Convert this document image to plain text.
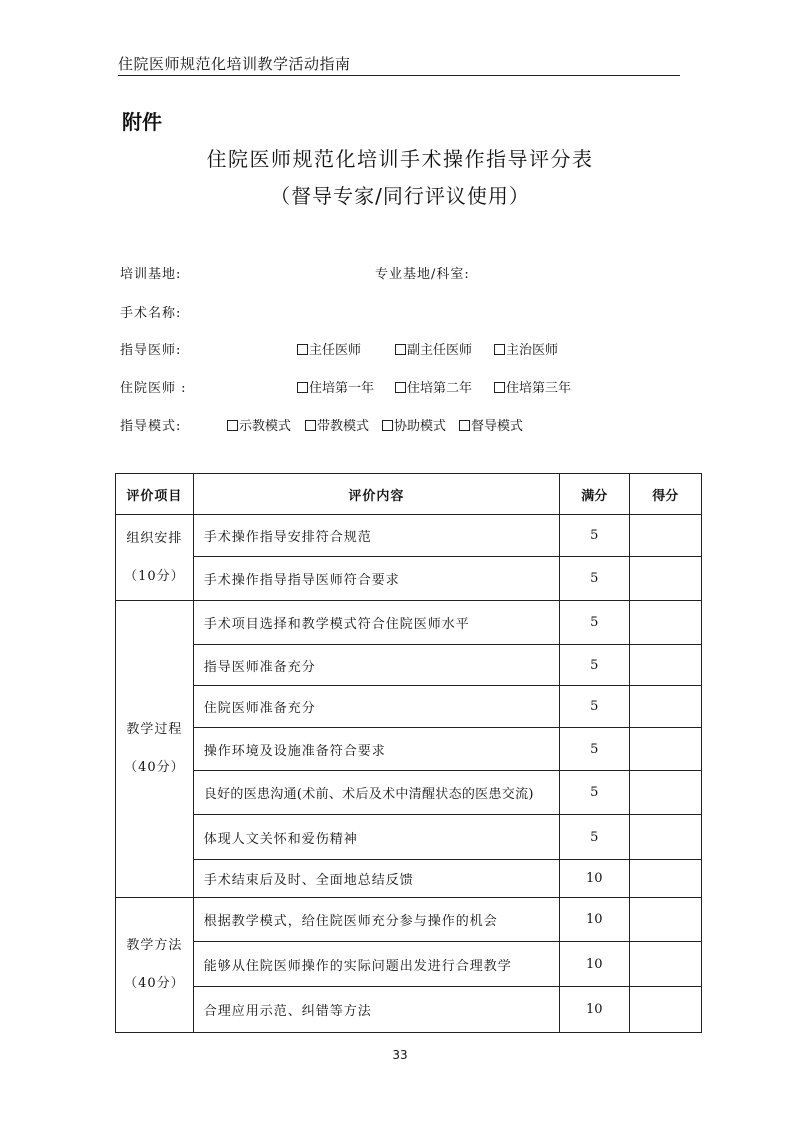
住院医师规范化培训教学活动指南
附件
住院医师规范化培训手术操作指导评分表
（督导专家/同行评议使用）
培训基地:	专业基地/科室:
手术名称:
指导医师:
住院医师 :
指导模式:
主任医师	副主任医师	主治医师
住培第一年	住培第二年	住培第三年
示教模式	带教模式	协助模式	督导模式
评价项目	评价内容	满分	得分

组织安排
（10分）	手术操作指导安排符合规范	5	
	手术操作指导指导医师符合要求	5	

教学过程
（40分）	手术项目选择和教学模式符合住院医师水平	5	
	指导医师准备充分	5	
	住院医师准备充分	5	
	操作环境及设施准备符合要求	5	
	良好的医患沟通(术前、术后及术中清醒状态的医患交流)	5	
	体现人文关怀和爱伤精神	5	
	手术结束后及时、全面地总结反馈	10	

教学方法
（40分）	根据教学模式，给住院医师充分参与操作的机会	10	
	能够从住院医师操作的实际问题出发进行合理教学	10	
	合理应用示范、纠错等方法	10	
33
